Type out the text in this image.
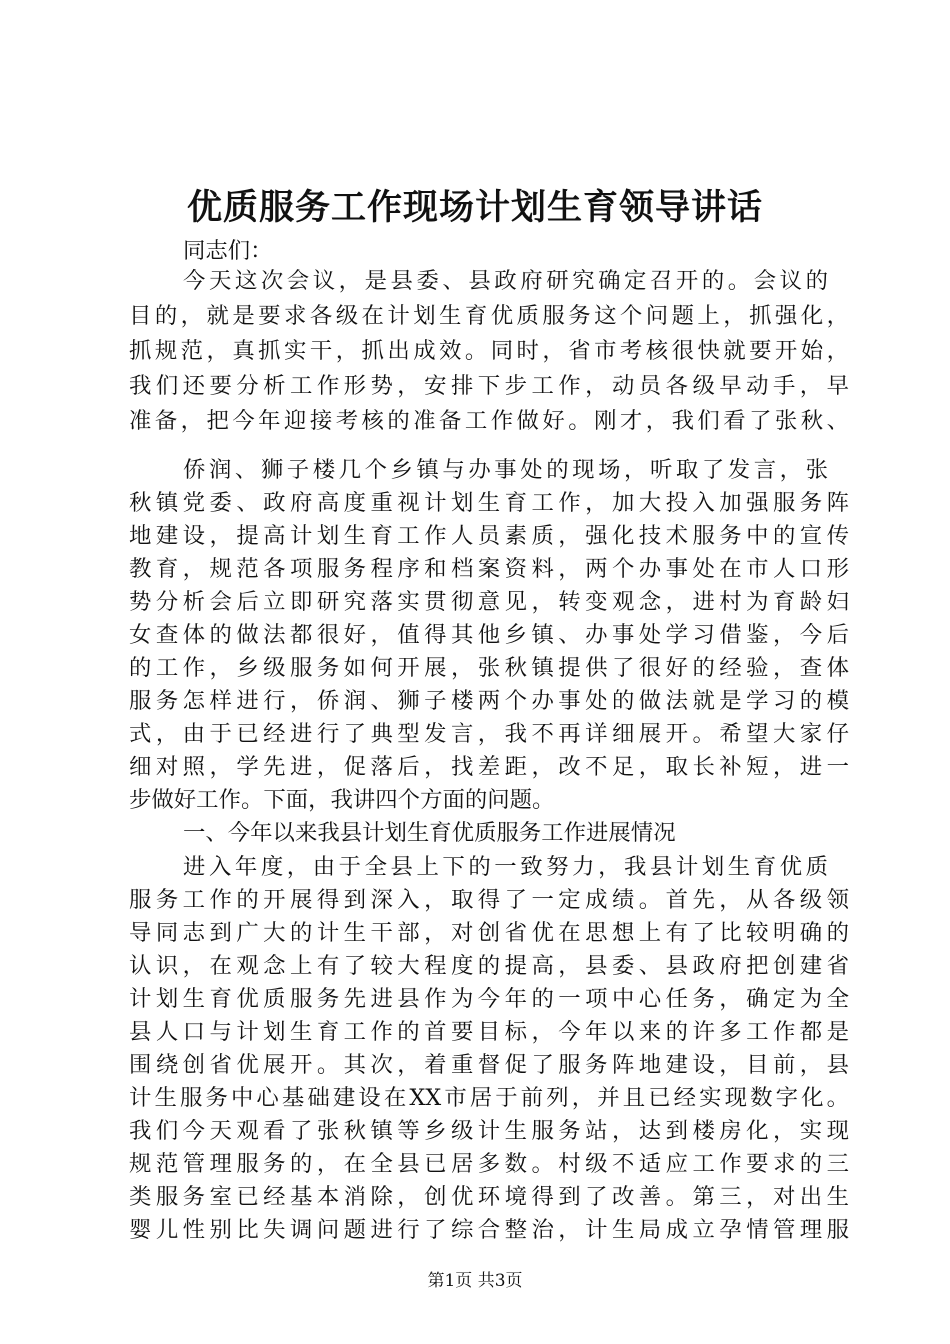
优质服务工作现场计划生育领导讲话
同志们：
今天这次会议，是县委、县政府研究确定召开的。会议的
目的，就是要求各级在计划生育优质服务这个问题上，抓强化，
抓规范，真抓实干，抓出成效。同时，省市考核很快就要开始，
我们还要分析工作形势，安排下步工作，动员各级早动手，早
准备，把今年迎接考核的准备工作做好。刚才，我们看了张秋、
侨润、狮子楼几个乡镇与办事处的现场，听取了发言，张
秋镇党委、政府高度重视计划生育工作，加大投入加强服务阵
地建设，提高计划生育工作人员素质，强化技术服务中的宣传
教育，规范各项服务程序和档案资料，两个办事处在市人口形
势分析会后立即研究落实贯彻意见，转变观念，进村为育龄妇
女查体的做法都很好，值得其他乡镇、办事处学习借鉴，今后
的工作，乡级服务如何开展，张秋镇提供了很好的经验，查体
服务怎样进行，侨润、狮子楼两个办事处的做法就是学习的模
式，由于已经进行了典型发言，我不再详细展开。希望大家仔
细对照，学先进，促落后，找差距，改不足，取长补短，进一
步做好工作。下面，我讲四个方面的问题。
一、今年以来我县计划生育优质服务工作进展情况
进入年度，由于全县上下的一致努力，我县计划生育优质
服务工作的开展得到深入，取得了一定成绩。首先，从各级领
导同志到广大的计生干部，对创省优在思想上有了比较明确的
认识，在观念上有了较大程度的提高，县委、县政府把创建省
计划生育优质服务先进县作为今年的一项中心任务，确定为全
县人口与计划生育工作的首要目标，今年以来的许多工作都是
围绕创省优展开。其次，着重督促了服务阵地建设，目前，县
计生服务中心基础建设在XX市居于前列，并且已经实现数字化。
我们今天观看了张秋镇等乡级计生服务站，达到楼房化，实现
规范管理服务的，在全县已居多数。村级不适应工作要求的三
类服务室已经基本消除，创优环境得到了改善。第三，对出生
婴儿性别比失调问题进行了综合整治，计生局成立孕情管理服
第1页 共3页
